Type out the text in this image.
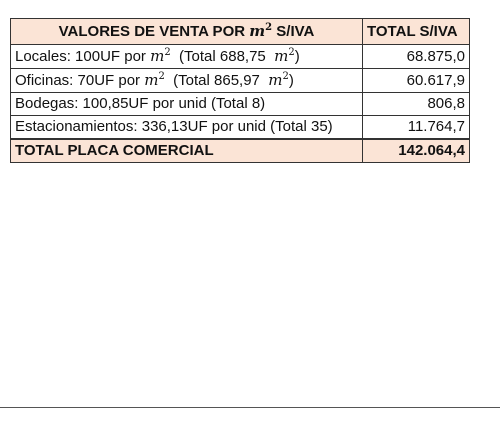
VALORES DE VENTA POR $m^2$ S/IVA	TOTAL S/IVA
Locales: 100UF por $m^2$ (Total 688,75 $m^2$)	68.875,0
Oficinas: 70UF por $m^2$ (Total 865,97 $m^2$)	60.617,9
Bodegas: 100,85UF por unid (Total 8)	806,8
Estacionamientos: 336,13UF por unid (Total 35)	11.764,7
TOTAL PLACA COMERCIAL	142.064,4
